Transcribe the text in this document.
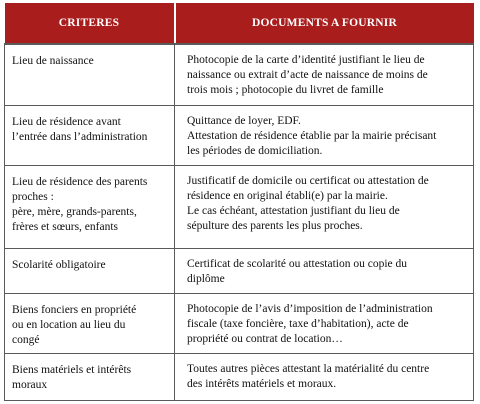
CRITERES	DOCUMENTS A FOURNIR

Lieu de naissance	Photocopie de la carte d’identité justifiant le lieu de
naissance ou extrait d’acte de naissance de moins de
trois mois ; photocopie du livret de famille

Lieu de résidence avant
l’entrée dans l’administration	Quittance de loyer, EDF.
Attestation de résidence établie par la mairie précisant
les périodes de domiciliation.

Lieu de résidence des parents
proches :
père, mère, grands-parents,
frères et sœurs, enfants	Justificatif de domicile ou certificat ou attestation de
résidence en original établi(e) par la mairie.
Le cas échéant, attestation justifiant du lieu de
sépulture des parents les plus proches.

Scolarité obligatoire	Certificat de scolarité ou attestation ou copie du
diplôme

Biens fonciers en propriété
ou en location au lieu du
congé	Photocopie de l’avis d’imposition de l’administration
fiscale (taxe foncière, taxe d’habitation), acte de
propriété ou contrat de location…

Biens matériels et intérêts
moraux	Toutes autres pièces attestant la matérialité du centre
des intérêts matériels et moraux.
